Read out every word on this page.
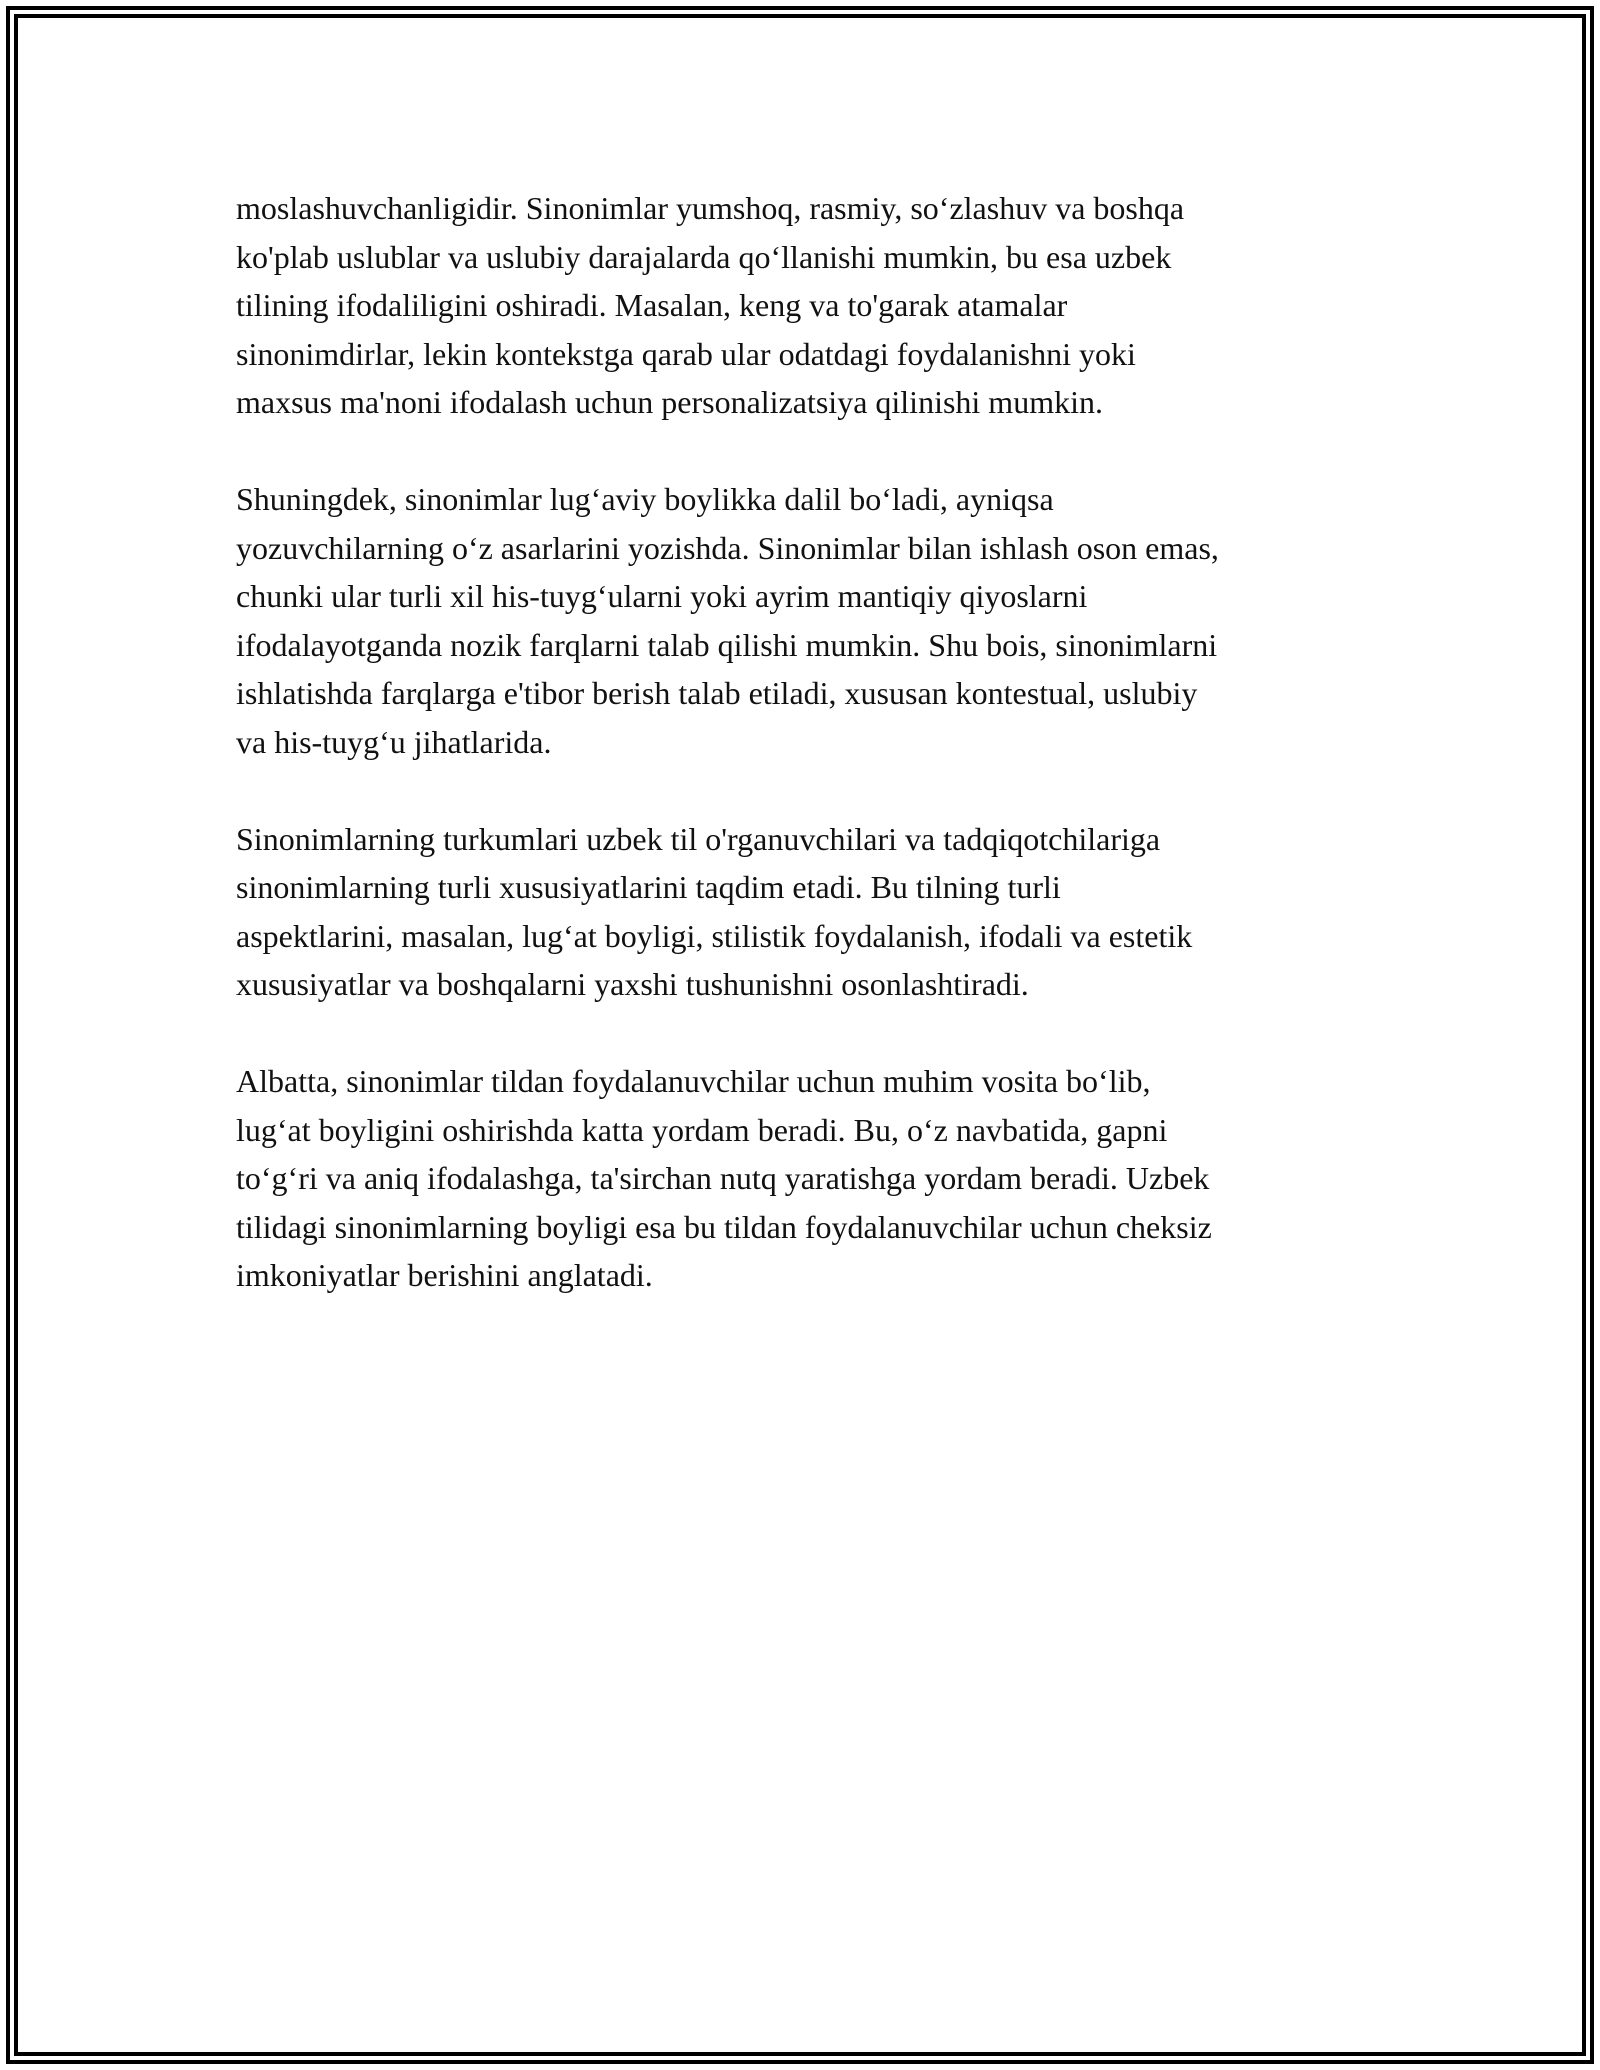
moslashuvchanligidir. Sinonimlar yumshoq, rasmiy, so‘zlashuv va boshqa
ko'plab uslublar va uslubiy darajalarda qo‘llanishi mumkin, bu esa uzbek
tilining ifodaliligini oshiradi. Masalan, keng va to'garak atamalar
sinonimdirlar, lekin kontekstga qarab ular odatdagi foydalanishni yoki
maxsus ma'noni ifodalash uchun personalizatsiya qilinishi mumkin.

Shuningdek, sinonimlar lug‘aviy boylikka dalil bo‘ladi, ayniqsa
yozuvchilarning o‘z asarlarini yozishda. Sinonimlar bilan ishlash oson emas,
chunki ular turli xil his-tuyg‘ularni yoki ayrim mantiqiy qiyoslarni
ifodalayotganda nozik farqlarni talab qilishi mumkin. Shu bois, sinonimlarni
ishlatishda farqlarga e'tibor berish talab etiladi, xususan kontestual, uslubiy
va his-tuyg‘u jihatlarida.

Sinonimlarning turkumlari uzbek til o'rganuvchilari va tadqiqotchilariga
sinonimlarning turli xususiyatlarini taqdim etadi. Bu tilning turli
aspektlarini, masalan, lug‘at boyligi, stilistik foydalanish, ifodali va estetik
xususiyatlar va boshqalarni yaxshi tushunishni osonlashtiradi.

Albatta, sinonimlar tildan foydalanuvchilar uchun muhim vosita bo‘lib,
lug‘at boyligini oshirishda katta yordam beradi. Bu, o‘z navbatida, gapni
to‘g‘ri va aniq ifodalashga, ta'sirchan nutq yaratishga yordam beradi. Uzbek
tilidagi sinonimlarning boyligi esa bu tildan foydalanuvchilar uchun cheksiz
imkoniyatlar berishini anglatadi.
